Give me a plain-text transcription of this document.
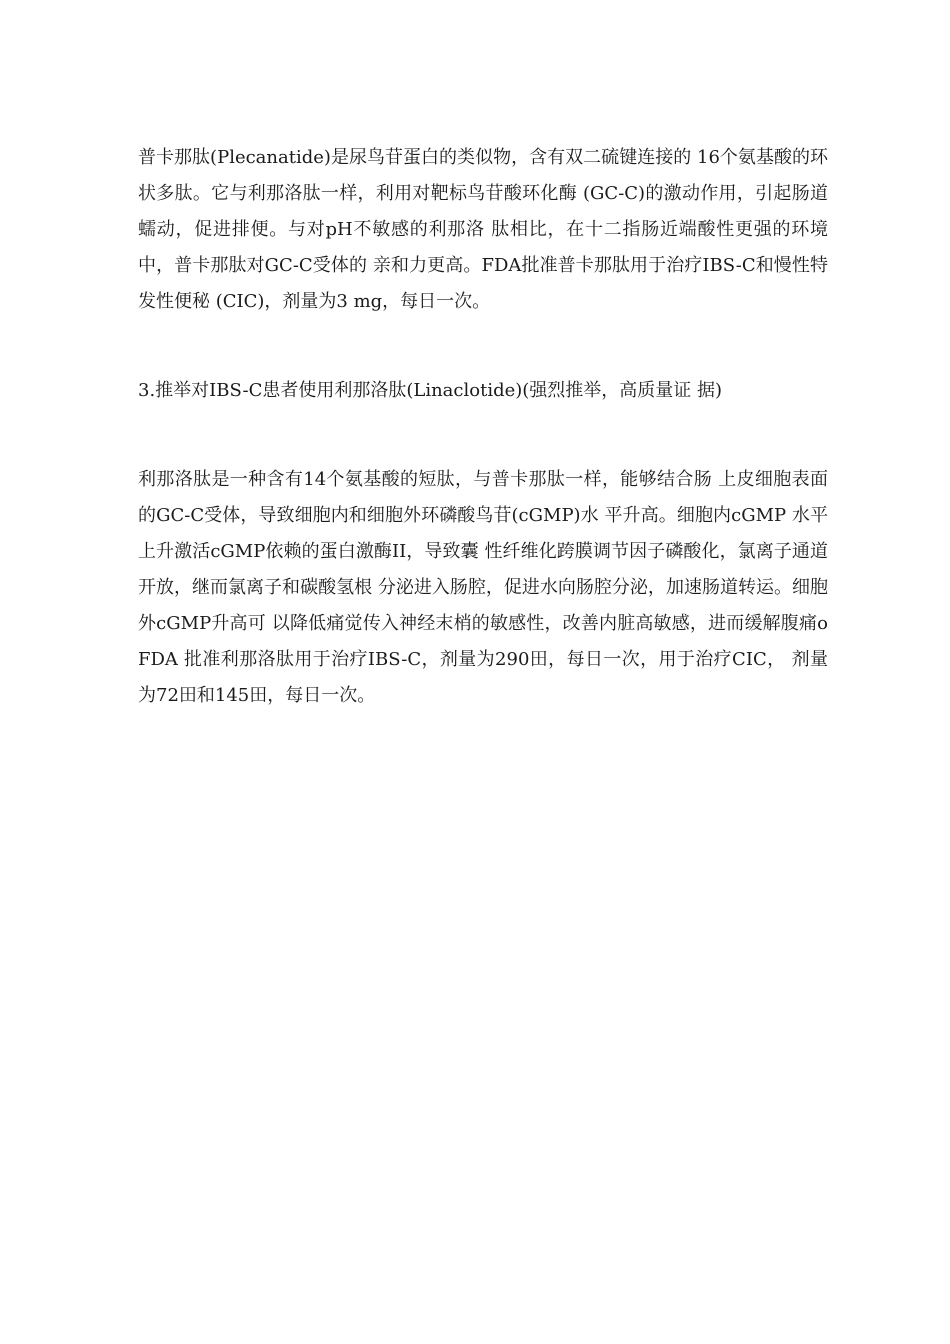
普卡那肽(Plecanatide)是尿鸟苷蛋白的类似物，含有双二硫键连接的 16个氨基酸的环状多肽。它与利那洛肽一样，利用对靶标鸟苷酸环化酶 (GC-C)的激动作用，引起肠道蠕动，促进排便。与对pH不敏感的利那洛 肽相比，在十二指肠近端酸性更强的环境中，普卡那肽对GC-C受体的 亲和力更高。FDA批准普卡那肽用于治疗IBS-C和慢性特发性便秘 (CIC)，剂量为3 mg，每日一次。

3.推举对IBS-C患者使用利那洛肽(Linaclotide)(强烈推举，高质量证 据)

利那洛肽是一种含有14个氨基酸的短肽，与普卡那肽一样，能够结合肠 上皮细胞表面的GC-C受体，导致细胞内和细胞外环磷酸鸟苷(cGMP)水 平升高。细胞内cGMP 水平上升激活cGMP依赖的蛋白激酶II，导致囊 性纤维化跨膜调节因子磷酸化，氯离子通道开放，继而氯离子和碳酸氢根 分泌进入肠腔，促进水向肠腔分泌，加速肠道转运。细胞外cGMP升高可 以降低痛觉传入神经末梢的敏感性，改善内脏高敏感，进而缓解腹痛oFDA 批准利那洛肽用于治疗IBS-C，剂量为290田，每日一次，用于治疗CIC， 剂量为72田和145田，每日一次。
